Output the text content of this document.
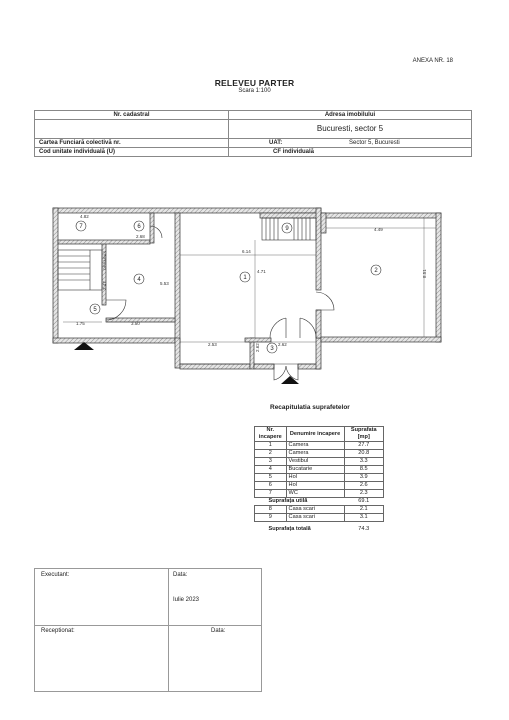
ANEXA NR. 18
RELEVEU PARTER
Scara 1:100
Nr. cadastral	Adresa imobilului
	Bucuresti, sector 5
Cartea Funciară colectivă nr.	UAT: Sector 5, Bucuresti
Cod unitate individuală (U)	CF individuală
1
2
3
4
5
6
7	9
4.82
2.68
4.49
6.14
4.71
5.53
8.51
2.53	2.62
3.50
1.75
3.47
2.62
DEBARAS
Recapitulatia suprafetelor
Nr. incapere	Denumire incapere	Suprafata [mp]
1	Camera	27.7
2	Camera	20.8
3	Vestibul	3.3
4	Bucatarie	8.5
5	Hol	3.9
6	Hol	2.6
7	WC	2.3
Suprafața utilă		69.1
8	Casa scari	2.1
9	Casa scari	3.1
Suprafața totală		74.3
Executant:	Data:
Iulie 2023
Receptionat:	Data:
